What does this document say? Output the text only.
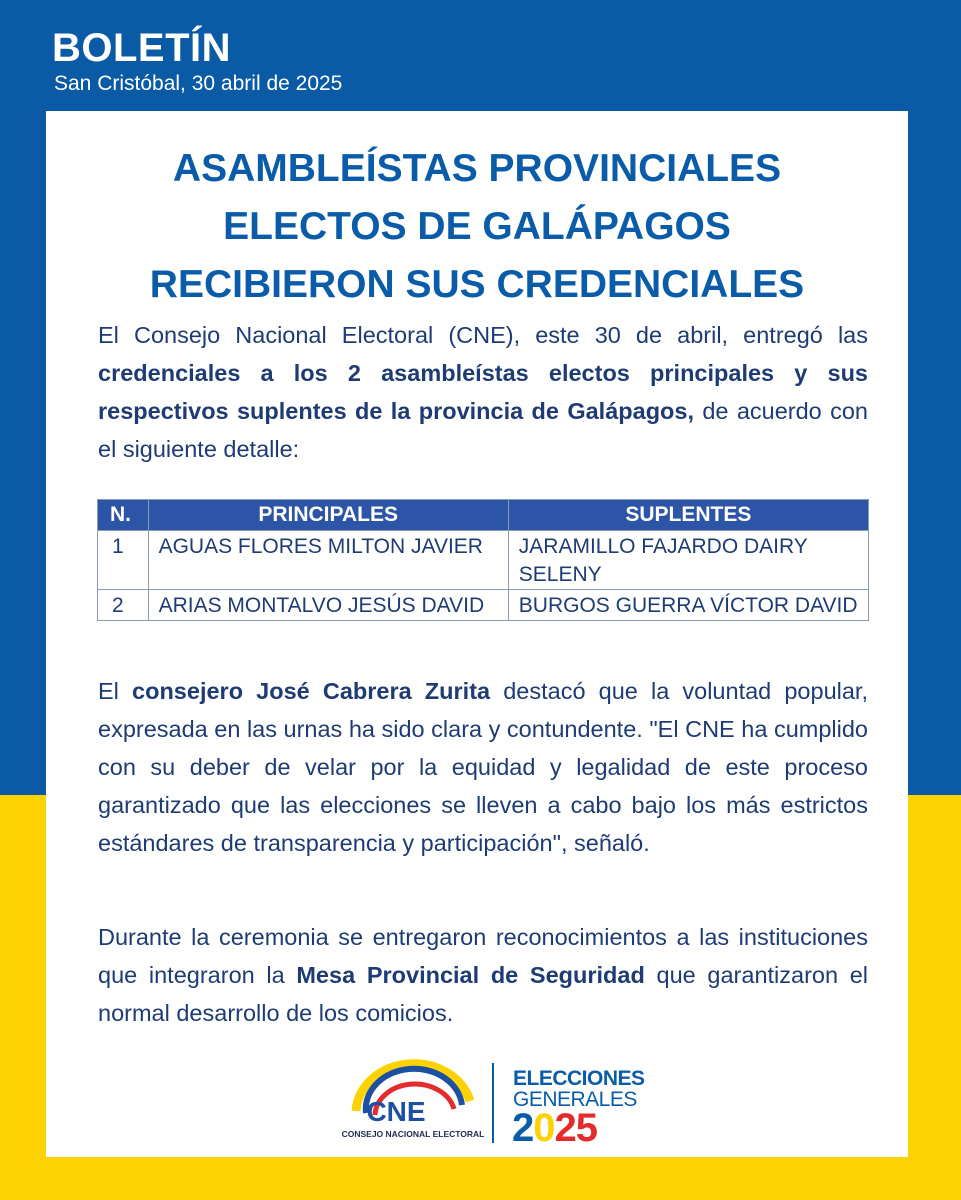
BOLETÍN
San Cristóbal, 30 abril de 2025
ASAMBLEÍSTAS PROVINCIALES ELECTOS DE GALÁPAGOS RECIBIERON SUS CREDENCIALES
El Consejo Nacional Electoral (CNE), este 30 de abril, entregó las credenciales a los 2 asambleístas electos principales y sus respectivos suplentes de la provincia de Galápagos, de acuerdo con el siguiente detalle:
N.	PRINCIPALES	SUPLENTES
1	AGUAS FLORES MILTON JAVIER	JARAMILLO FAJARDO DAIRY SELENY
2	ARIAS MONTALVO JESÚS DAVID	BURGOS GUERRA VÍCTOR DAVID
El consejero José Cabrera Zurita destacó que la voluntad popular, expresada en las urnas ha sido clara y contundente. "El CNE ha cumplido con su deber de velar por la equidad y legalidad de este proceso garantizado que las elecciones se lleven a cabo bajo los más estrictos estándares de transparencia y participación", señaló.
Durante la ceremonia se entregaron reconocimientos a las instituciones que integraron la Mesa Provincial de Seguridad que garantizaron el normal desarrollo de los comicios.
CNE
CONSEJO NACIONAL ELECTORAL
ELECCIONES
GENERALES
2025
